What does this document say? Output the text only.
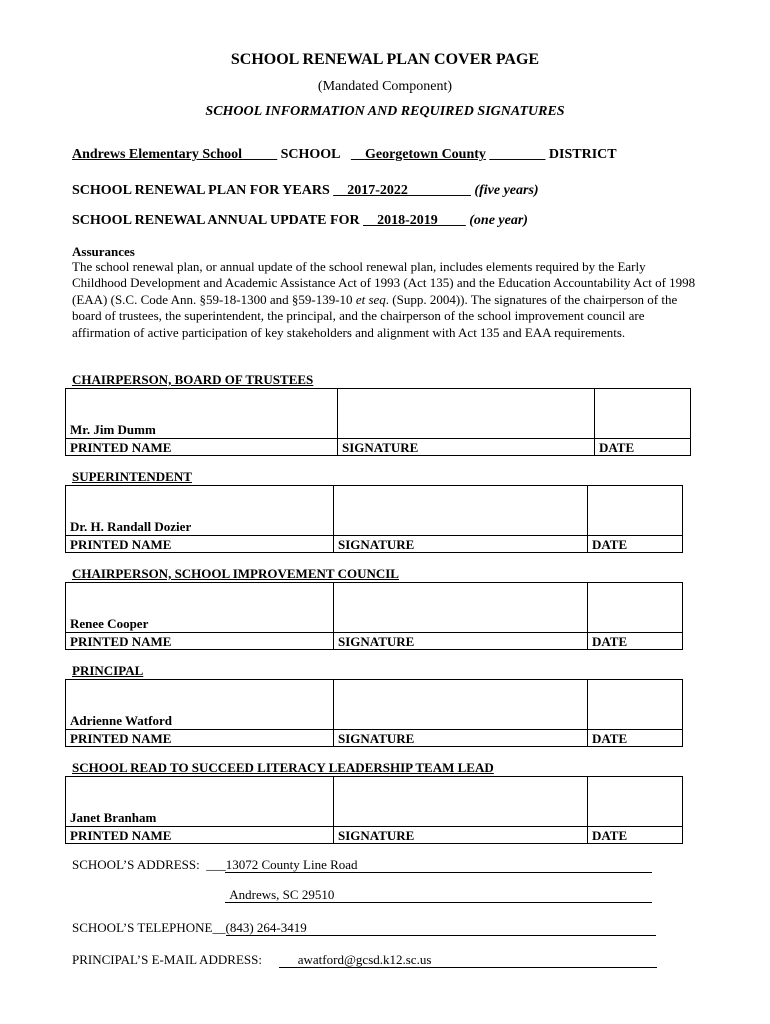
SCHOOL RENEWAL PLAN COVER PAGE
(Mandated Component)
SCHOOL INFORMATION AND REQUIRED SIGNATURES
Andrews Elementary School_____ SCHOOL   __Georgetown County ________ DISTRICT
SCHOOL RENEWAL PLAN FOR YEARS __2017-2022_________ (five years)
SCHOOL RENEWAL ANNUAL UPDATE FOR __2018-2019____ (one year)
Assurances
The school renewal plan, or annual update of the school renewal plan, includes elements required by the Early Childhood Development and Academic Assistance Act of 1993 (Act 135) and the Education Accountability Act of 1998 (EAA) (S.C. Code Ann. §59-18-1300 and §59-139-10 et seq. (Supp. 2004)). The signatures of the chairperson of the board of trustees, the superintendent, the principal, and the chairperson of the school improvement council are affirmation of active participation of key stakeholders and alignment with Act 135 and EAA requirements.
CHAIRPERSON, BOARD OF TRUSTEES
Mr. Jim Dumm		
PRINTED NAME	SIGNATURE	DATE
SUPERINTENDENT
Dr. H. Randall Dozier		
PRINTED NAME	SIGNATURE	DATE
CHAIRPERSON, SCHOOL IMPROVEMENT COUNCIL
Renee Cooper		
PRINTED NAME	SIGNATURE	DATE
PRINCIPAL
Adrienne Watford		
PRINTED NAME	SIGNATURE	DATE
SCHOOL READ TO SUCCEED LITERACY LEADERSHIP TEAM LEAD
Janet Branham		
PRINTED NAME	SIGNATURE	DATE
SCHOOL’S ADDRESS:  ___13072 County Line Road
Andrews, SC 29510
SCHOOL’S TELEPHONE__(843) 264-3419
PRINCIPAL’S E-MAIL ADDRESS:	awatford@gcsd.k12.sc.us
